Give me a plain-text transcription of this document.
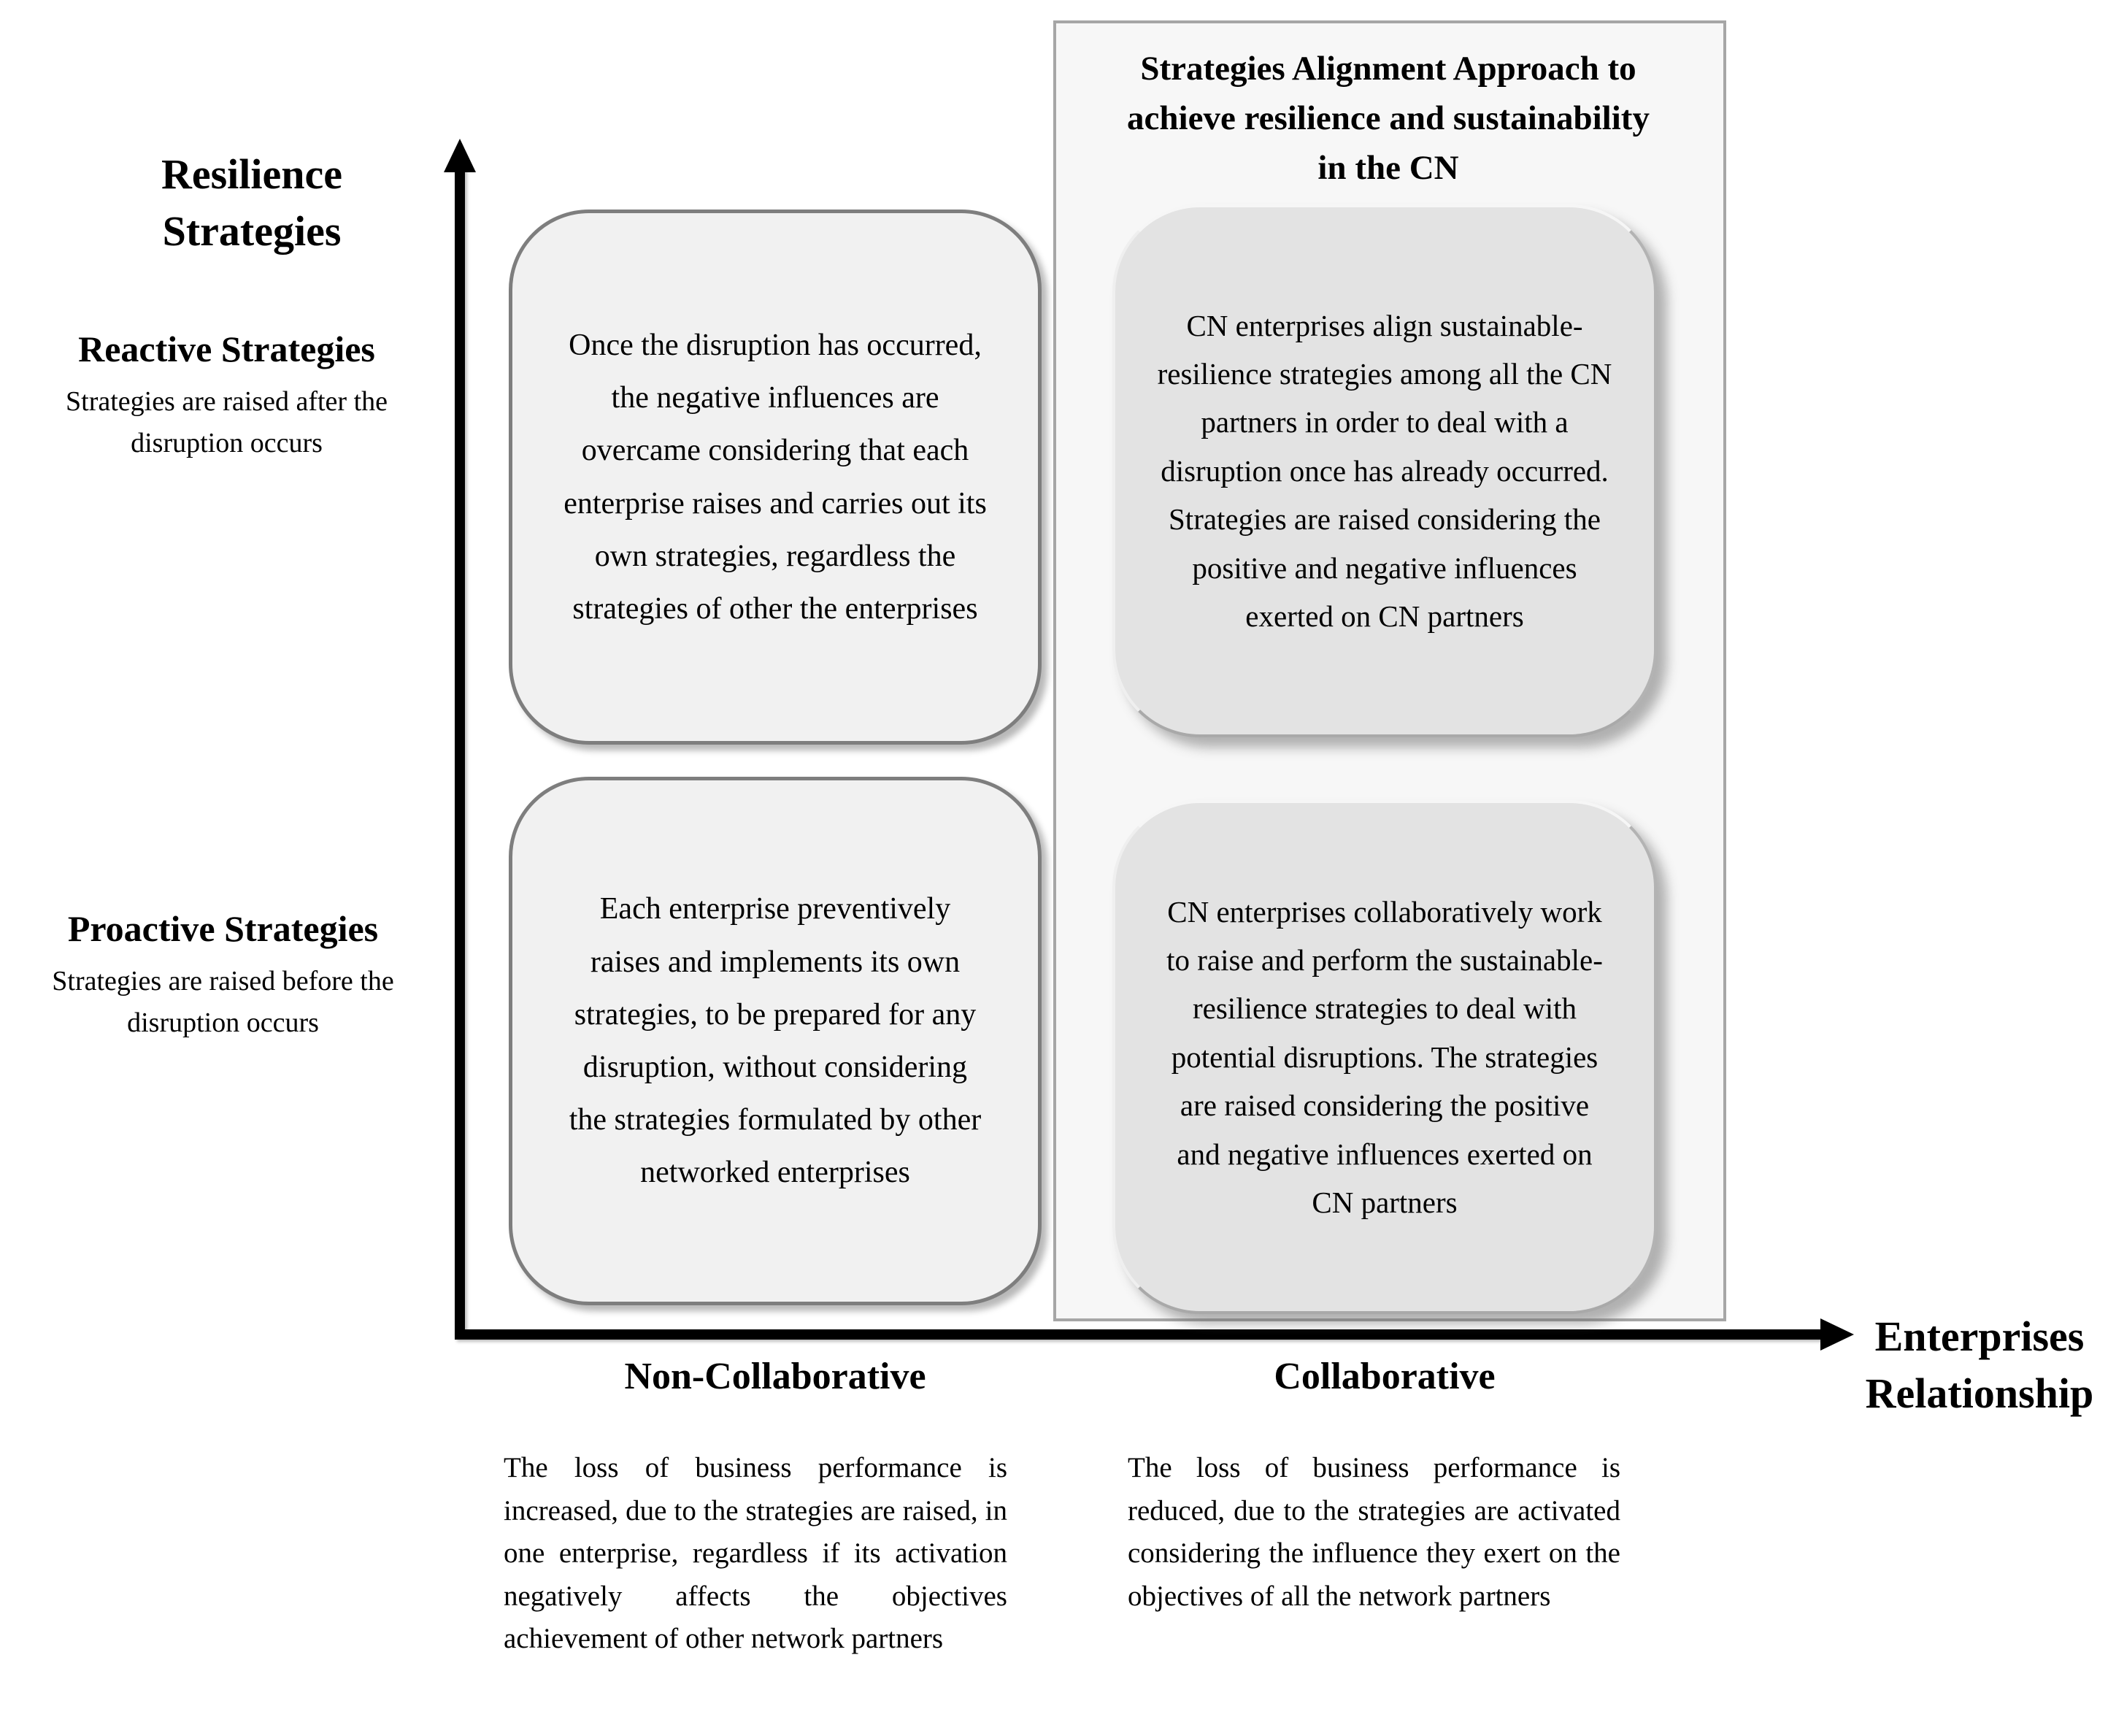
Strategies Alignment Approach to achieve resilience and sustainability in the CN
Resilience Strategies
Enterprises Relationship
Reactive Strategies
Strategies are raised after the disruption occurs
Proactive Strategies
Strategies are raised before the disruption occurs
Once the disruption has occurred, the negative influences are overcame considering that each enterprise raises and carries out its own strategies, regardless the strategies of other the enterprises
CN enterprises align sustainable-resilience strategies among all the CN partners in order to deal with a disruption once has already occurred. Strategies are raised considering the positive and negative influences exerted on CN partners
Each enterprise preventively raises and implements its own strategies, to be prepared for any disruption, without considering the strategies formulated by other networked enterprises
CN enterprises collaboratively work to raise and perform the sustainable-resilience strategies to deal with potential disruptions. The strategies are raised considering the positive and negative influences exerted on CN partners
Non-Collaborative	Collaborative
The loss of business performance is increased, due to the strategies are raised, in one enterprise, regardless if its activation negatively affects the objectives achievement of other network partners
The loss of business performance is reduced, due to the strategies are activated considering the influence they exert on the objectives of all the network partners
